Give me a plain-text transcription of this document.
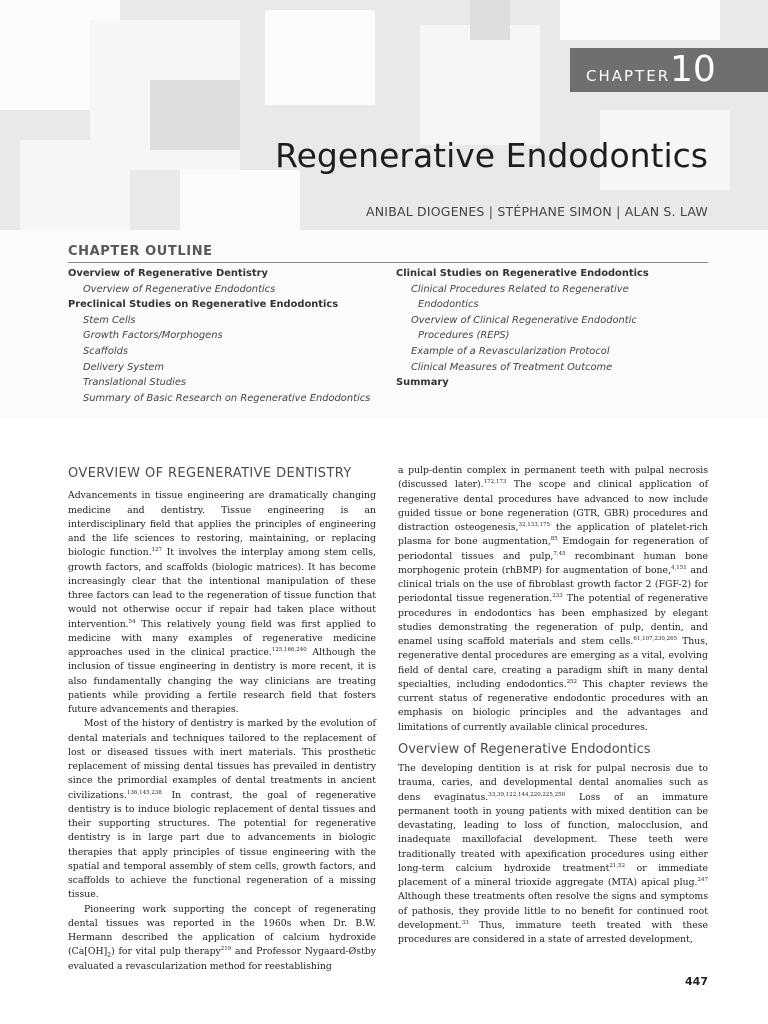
CHAPTER 10
Regenerative Endodontics
ANIBAL DIOGENES | STÉPHANE SIMON | ALAN S. LAW
CHAPTER OUTLINE
Overview of Regenerative Dentistry
Overview of Regenerative Endodontics
Preclinical Studies on Regenerative Endodontics
Stem Cells
Growth Factors/Morphogens
Scaffolds
Delivery System
Translational Studies
Summary of Basic Research on Regenerative Endodontics
Clinical Studies on Regenerative Endodontics
Clinical Procedures Related to Regenerative
Endodontics
Overview of Clinical Regenerative Endodontic
Procedures (REPS)
Example of a Revascularization Protocol
Clinical Measures of Treatment Outcome
Summary
OVERVIEW OF REGENERATIVE DENTISTRY

Advancements in tissue engineering are dramatically changing medicine and dentistry. Tissue engineering is an interdisciplinary field that applies the principles of engineering and the life sciences to restoring, maintaining, or replacing biologic function.$^{127}$ It involves the interplay among stem cells, growth factors, and scaffolds (biologic matrices). It has become increasingly clear that the intentional manipulation of these three factors can lead to the regeneration of tissue function that would not otherwise occur if repair had taken place without intervention.$^{54}$ This relatively young field was first applied to medicine with many examples of regenerative medicine approaches used in the clinical practice.$^{125,166,240}$ Although the inclusion of tissue engineering in dentistry is more recent, it is also fundamentally changing the way clinicians are treating patients while providing a fertile research field that fosters future advancements and therapies.

Most of the history of dentistry is marked by the evolution of dental materials and techniques tailored to the replacement of lost or diseased tissues with inert materials. This prosthetic replacement of missing dental tissues has prevailed in dentistry since the primordial examples of dental treatments in ancient civilizations.$^{136,145,238}$ In contrast, the goal of regenerative dentistry is to induce biologic replacement of dental tissues and their supporting structures. The potential for regenerative dentistry is in large part due to advancements in biologic therapies that apply principles of tissue engineering with the spatial and temporal assembly of stem cells, growth factors, and scaffolds to achieve the functional regeneration of a missing tissue.

Pioneering work supporting the concept of regenerating dental tissues was reported in the 1960s when Dr. B.W. Hermann described the application of calcium hydroxide $(Ca[OH]_2)$ for vital pulp therapy$^{219}$ and Professor Nygaard-Østby evaluated a revascularization method for reestablishing

a pulp-dentin complex in permanent teeth with pulpal necrosis (discussed later).$^{172,173}$ The scope and clinical application of regenerative dental procedures have advanced to now include guided tissue or bone regeneration (GTR, GBR) procedures and distraction osteogenesis,$^{32,133,175}$ the application of platelet-rich plasma for bone augmentation,$^{85}$ Emdogain for regeneration of periodontal tissues and pulp,$^{7,45}$ recombinant human bone morphogenic protein (rhBMP) for augmentation of bone,$^{4,151}$ and clinical trials on the use of fibroblast growth factor 2 (FGF-2) for periodontal tissue regeneration.$^{233}$ The potential of regenerative procedures in endodontics has been emphasized by elegant studies demonstrating the regeneration of pulp, dentin, and enamel using scaffold materials and stem cells.$^{61,107,230,265}$ Thus, regenerative dental procedures are emerging as a vital, evolving field of dental care, creating a paradigm shift in many dental specialties, including endodontics.$^{252}$ This chapter reviews the current status of regenerative endodontic procedures with an emphasis on biologic principles and the advantages and limitations of currently available clinical procedures.

Overview of Regenerative Endodontics

The developing dentition is at risk for pulpal necrosis due to trauma, caries, and developmental dental anomalies such as dens evaginatus.$^{33,39,122,144,220,225,250}$ Loss of an immature permanent tooth in young patients with mixed dentition can be devastating, leading to loss of function, malocclusion, and inadequate maxillofacial development. These teeth were traditionally treated with apexification procedures using either long-term calcium hydroxide treatment$^{21,52}$ or immediate placement of a mineral trioxide aggregate (MTA) apical plug.$^{247}$ Although these treatments often resolve the signs and symptoms of pathosis, they provide little to no benefit for continued root development.$^{33}$ Thus, immature teeth treated with these procedures are considered in a state of arrested development,

447
